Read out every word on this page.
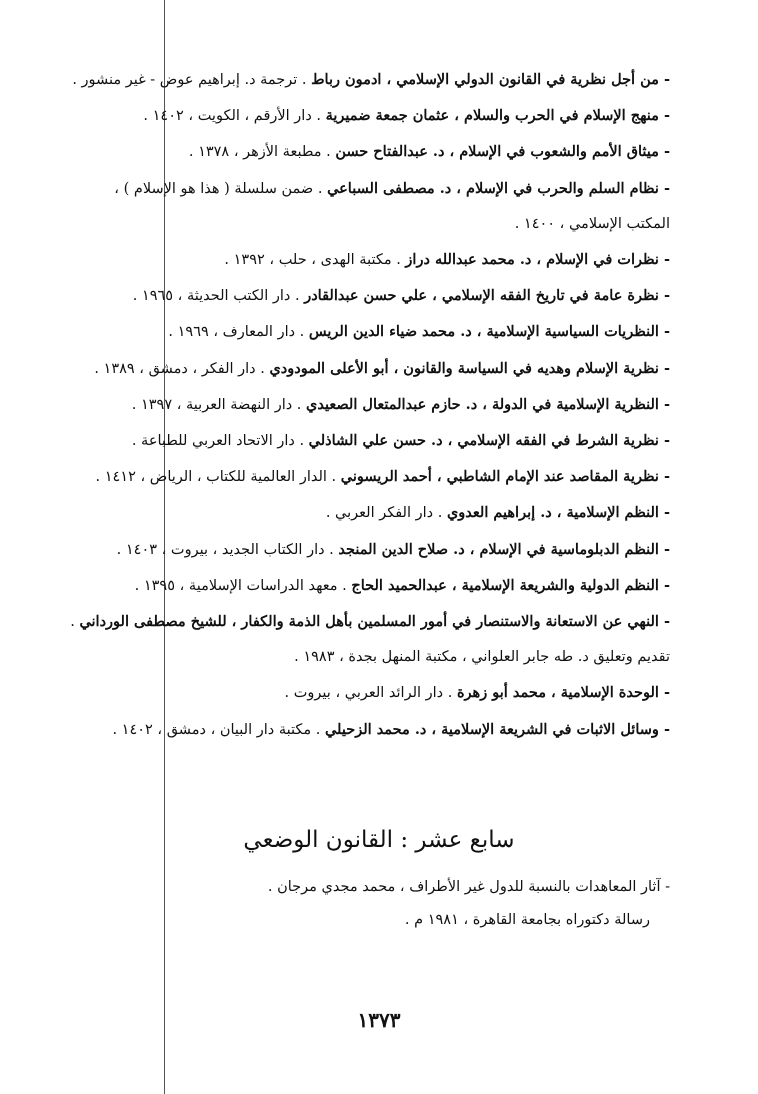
- من أجل نظرية في القانون الدولي الإسلامي ، ادمون رباط . ترجمة د. إبراهيم عوض - غير منشور .

- منهج الإسلام في الحرب والسلام ، عثمان جمعة ضميرية . دار الأرقم ، الكويت ، ١٤٠٢ .

- ميثاق الأمم والشعوب في الإسلام ، د. عبدالفتاح حسن . مطبعة الأزهر ، ١٣٧٨ .

- نظام السلم والحرب في الإسلام ، د. مصطفى السباعي . ضمن سلسلة ( هذا هو الإسلام ) ، المكتب الإسلامي ، ١٤٠٠ .

- نظرات في الإسلام ، د. محمد عبدالله دراز . مكتبة الهدى ، حلب ، ١٣٩٢ .

- نظرة عامة في تاريخ الفقه الإسلامي ، علي حسن عبدالقادر . دار الكتب الحديثة ، ١٩٦٥ .

- النظريات السياسية الإسلامية ، د. محمد ضياء الدين الريس . دار المعارف ، ١٩٦٩ .

- نظرية الإسلام وهديه في السياسة والقانون ، أبو الأعلى المودودي . دار الفكر ، دمشق ، ١٣٨٩ .

- النظرية الإسلامية في الدولة ، د. حازم عبدالمتعال الصعيدي . دار النهضة العربية ، ١٣٩٧ .

- نظرية الشرط في الفقه الإسلامي ، د. حسن علي الشاذلي . دار الاتحاد العربي للطباعة .

- نظرية المقاصد عند الإمام الشاطبي ، أحمد الريسوني . الدار العالمية للكتاب ، الرياض ، ١٤١٢ .

- النظم الإسلامية ، د. إبراهيم العدوي . دار الفكر العربي .

- النظم الدبلوماسية في الإسلام ، د. صلاح الدين المنجد . دار الكتاب الجديد ، بيروت ، ١٤٠٣ .

- النظم الدولية والشريعة الإسلامية ، عبدالحميد الحاج . معهد الدراسات الإسلامية ، ١٣٩٥ .

- النهي عن الاستعانة والاستنصار في أمور المسلمين بأهل الذمة والكفار ، للشيخ مصطفى الورداني . تقديم وتعليق د. طه جابر العلواني ، مكتبة المنهل بجدة ، ١٩٨٣ .

- الوحدة الإسلامية ، محمد أبو زهرة . دار الرائد العربي ، بيروت .

- وسائل الاثبات في الشريعة الإسلامية ، د. محمد الزحيلي . مكتبة دار البيان ، دمشق ، ١٤٠٢ .

سابع عشر : القانون الوضعي
- آثار المعاهدات بالنسبة للدول غير الأطراف ، محمد مجدي مرجان .
رسالة دكتوراه بجامعة القاهرة ، ١٩٨١ م .
١٣٧٣
